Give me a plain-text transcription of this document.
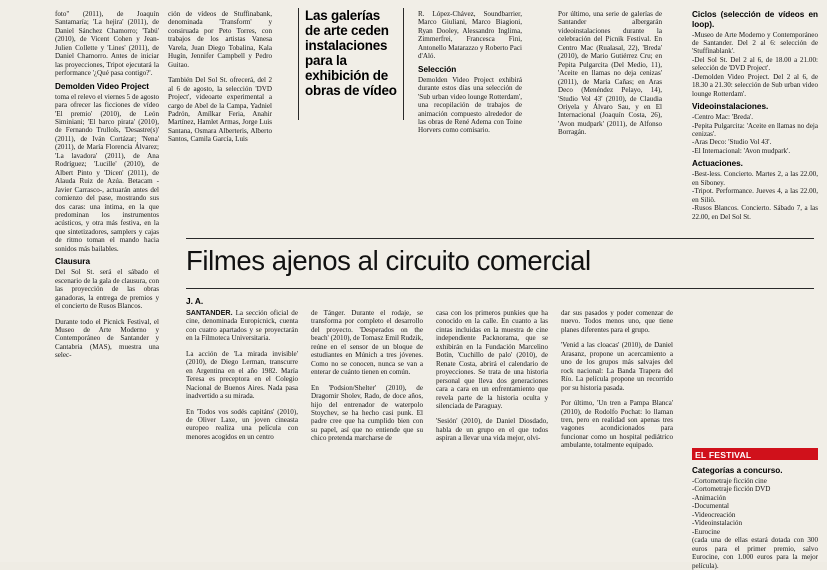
foto" (2011), de Joaquín Santamaría; 'La hejira' (2011), de Daniel Sánchez Chamorro; 'Tabú' (2010), de Vicent Cohen y Jean-Julien Collette y 'Lines' (2011), de Daniel Chamorro. Antes de iniciar las proyecciones, Tripot ejecutará la performance '¿Qué pasa contigo?'.

Demolden Video Project

toma el relevo el viernes 5 de agosto para ofrecer las ficciones de vídeo 'El premio' (2010), de León Siminiani; 'El barco pirata' (2010), de Fernando Trullols, 'Desastre(s)' (2011), de Iván Cortázar; 'Nena' (2011), de María Florencia Álvarez; 'La lavadora' (2011), de Ana Rodríguez; 'Lucille' (2010), de Albert Pinto y 'Dicen' (2011), de Alauda Ruiz de Azúa. Betacam -Javier Carrasco-, actuarán antes del comienzo del pase, mostrando sus dos caras: una íntima, en la que predominan los instrumentos acústicos, y otra más festiva, en la que sintetizadores, samplers y cajas de ritmo toman el mando hacia sonidos más bailables.

Clausura

Del Sol St. será el sábado el escenario de la gala de clausura, con las proyección de las obras ganadoras, la entrega de premios y el concierto de Rusos Blancos.

Durante todo el Picnick Festival, el Museo de Arte Moderno y Contemporáneo de Santander y Cantabria (MAS), muestra una selec-

ción de vídeos de Stuffinabank, denominada 'Transform' y consiruada por Peto Torres, con trabajos de los artistas Vanesa Varela, Juan Diego Tobalina, Kala Hugín, Jennifer Campbell y Pedro Guitao.

También Del Sol St. ofrecerá, del 2 al 6 de agosto, la selección 'DVD Project', videoarte experimental a cargo de Abel de la Campa, Yadniel Padrón, Amílkar Feria, Anahir Martínez, Hamlet Armas, Jorge Luis Santana, Osmara Alberteris, Alberto Santos, Camila García, Luis

Las galerías de arte ceden instalaciones para la exhibición de obras de vídeo

R. López-Chávez, Soundbarrier, Marco Giuliani, Marco Biagioni, Ryan Dooley, Alessandro Inglima, Zimmerfrei, Francesca Fini, Antonello Matarazzo y Roberto Paci d'Aló.

Selección

Demolden Video Project exhibirá durante estos días una selección de 'Sub urban video lounge Rotterdam', una recopilación de trabajos de animación compuesto alrededor de las obras de René Adema con Toine Horvers como comisario.

Por último, una serie de galerías de Santander albergarán videoinstalaciones durante la celebración del Picnik Festival. En Centro Mac (Rualasal, 22), 'Breda' (2010), de Mario Gutiérrez Cru; en Pepita Pulgarcita (Del Medio, 11), 'Aceite en llamas no deja cenizas' (2011), de María Cañas; en Aras Deco (Menéndez Pelayo, 14), 'Studio Vol 43' (2010), de Claudia Oriyela y Álvaro Sau, y en El Internacional (Joaquín Costa, 26), 'Avon mudpark' (2011), de Alfonso Borragán.

Ciclos (selección de vídeos en loop).

-Museo de Arte Moderno y Contemporáneo de Santander. Del 2 al 6: selección de 'Stuffinablank'.

-Del Sol St. Del 2 al 6, de 18.00 a 21.00: selección de 'DVD Project'.

-Demolden Video Project. Del 2 al 6, de 18.30 a 21.30: selección de Sub urban video lounge Rotterdam'.

Videoinstalaciones.

-Centro Mac: 'Breda'.

-Pepita Pulgarcita: 'Aceite en llamas no deja cenizas'.

-Aras Deco: 'Studio Vol 43'.

-El Internacional: 'Avon mudpark'.

Actuaciones.

-Best-less. Concierto. Martes 2, a las 22.00, en Siboney.

-Tripot. Performance. Jueves 4, a las 22.00, en Siliö.

-Rusos Blancos. Concierto. Sábado 7, a las 22.00, en Del Sol St.

Filmes ajenos al circuito comercial
J. A.

SANTANDER. La sección oficial de cine, denominada Europicnick, cuenta con cuatro apartados y se proyectarán en la Filmoteca Universitaria.

La acción de 'La mirada invisible' (2010), de Diego Lerman, transcurre en Argentina en el año 1982. María Teresa es preceptora en el Colegio Nacional de Buenos Aires. Nada pasa inadvertido a su mirada.

En 'Todos vos sodés capitáns' (2010), de Oliver Laxe, un joven cineasta europeo realiza una película con menores acogidos en un centro

de Tánger. Durante el rodaje, se transforma por completo el desarrollo del proyecto. 'Desperados on the beach' (2010), de Tomasz Emil Rudzik, reúne en el sensor de un bloque de estudiantes en Múnich a tres jóvenes. Como no se conocen, nunca se van a enterar de cuánto tienen en común.

En 'Podsion/Shelter' (2010), de Dragomir Sholev, Rado, de doce años, hijo del entrenador de waterpolo Stoychev, se ha hecho casi punk. El padre cree que ha cumplido bien con su papel, así que no entiende que su chico pretenda marcharse de

casa con los primeros punkies que ha conocido en la calle. En cuanto a las cintas incluidas en la muestra de cine independiente Packnorama, que se exhibirán en la Fundación Marcelino Botín, 'Cuchillo de palo' (2010), de Renate Costa, abrirá el calendario de proyecciones. Se trata de una historia personal que lleva dos generaciones cara a cara en un enfrentamiento que revela parte de la historia oculta y silenciada de Paraguay.

'Sesión' (2010), de Daniel Diosdado, habla de un grupo en el que todos aspiran a llevar una vida mejor, olvi-

dar sus pasados y poder comenzar de nuevo. Todos menos uno, que tiene planes diferentes para el grupo.

'Venid a las cloacas' (2010), de Daniel Arasanz, propone un acercamiento a uno de los grupos más salvajes del rock nacional: La Banda Trapera del Río. La película propone un recorrido por su historia pasada.

Por último, 'Un tren a Pampa Blanca' (2010), de Rodolfo Pochat: lo llaman tren, pero en realidad son apenas tres vagones acondicionados para funcionar como un hospital pediátrico ambulante, totalmente equipado.

EL FESTIVAL
Categorías a concurso.

-Cortometraje ficción cine

-Cortometraje ficción DVD

-Animación

-Documental

-Videocreación

-Videoinstalación

-Eurocine

(cada una de ellas estará dotada con 300 euros para el primer premio, salvo Eurocine, con 1.000 euros para la mejor película).
